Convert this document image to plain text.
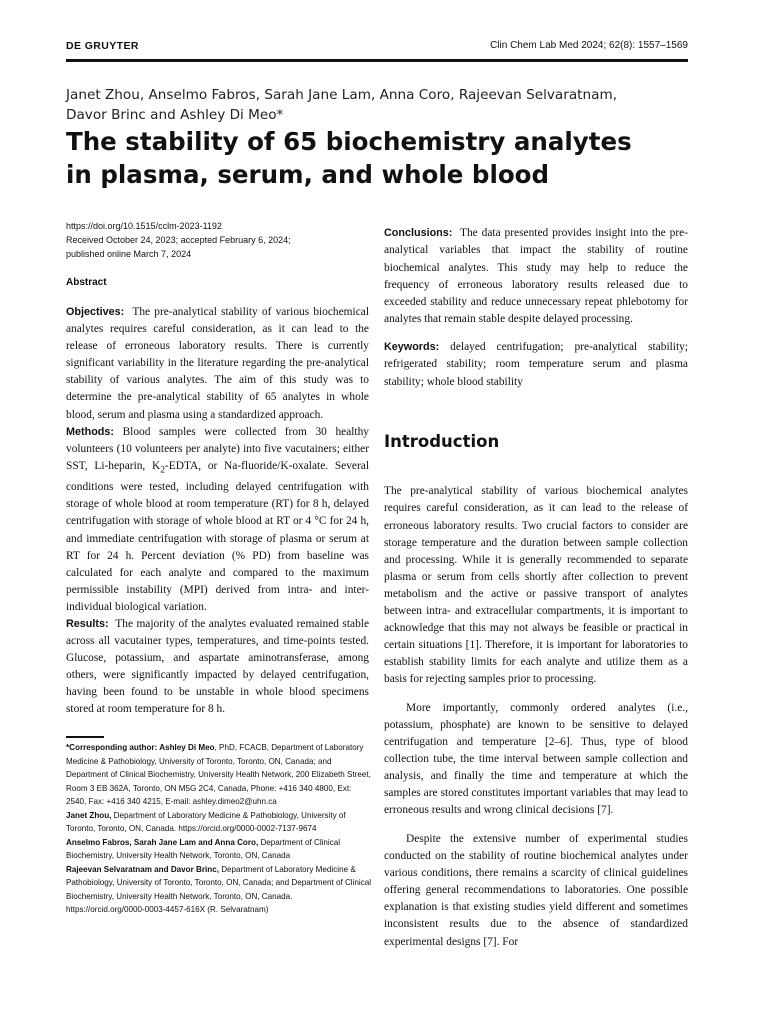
DE GRUYTER	Clin Chem Lab Med 2024; 62(8): 1557–1569
Janet Zhou, Anselmo Fabros, Sarah Jane Lam, Anna Coro, Rajeevan Selvaratnam, Davor Brinc and Ashley Di Meo*
The stability of 65 biochemistry analytes in plasma, serum, and whole blood
https://doi.org/10.1515/cclm-2023-1192
Received October 24, 2023; accepted February 6, 2024;
published online March 7, 2024
Abstract

Objectives: The pre-analytical stability of various biochemical analytes requires careful consideration, as it can lead to the release of erroneous laboratory results. There is currently significant variability in the literature regarding the pre-analytical stability of various analytes. The aim of this study was to determine the pre-analytical stability of 65 analytes in whole blood, serum and plasma using a standardized approach.

Methods: Blood samples were collected from 30 healthy volunteers (10 volunteers per analyte) into five vacutainers; either SST, Li-heparin, $K_2$-EDTA, or Na-fluoride/K-oxalate. Several conditions were tested, including delayed centrifugation with storage of whole blood at room temperature (RT) for 8 h, delayed centrifugation with storage of whole blood at RT or 4 °C for 24 h, and immediate centrifugation with storage of plasma or serum at RT for 24 h. Percent deviation (% PD) from baseline was calculated for each analyte and compared to the maximum permissible instability (MPI) derived from intra- and inter-individual biological variation.

Results: The majority of the analytes evaluated remained stable across all vacutainer types, temperatures, and time-points tested. Glucose, potassium, and aspartate aminotransferase, among others, were significantly impacted by delayed centrifugation, having been found to be unstable in whole blood specimens stored at room temperature for 8 h.

*Corresponding author: Ashley Di Meo, PhD, FCACB, Department of Laboratory Medicine & Pathobiology, University of Toronto, Toronto, ON, Canada; and Department of Clinical Biochemistry, University Health Network, 200 Elizabeth Street, Room 3 EB 362A, Toronto, ON M5G 2C4, Canada, Phone: +416 340 4800, Ext: 2540, Fax: +416 340 4215, E-mail: ashley.dimeo2@uhn.ca

Janet Zhou, Department of Laboratory Medicine & Pathobiology, University of Toronto, Toronto, ON, Canada. https://orcid.org/0000-0002-7137-9674

Anselmo Fabros, Sarah Jane Lam and Anna Coro, Department of Clinical Biochemistry, University Health Network, Toronto, ON, Canada

Rajeevan Selvaratnam and Davor Brinc, Department of Laboratory Medicine & Pathobiology, University of Toronto, Toronto, ON, Canada; and Department of Clinical Biochemistry, University Health Network, Toronto, ON, Canada. https://orcid.org/0000-0003-4457-616X (R. Selvaratnam)

Conclusions: The data presented provides insight into the pre-analytical variables that impact the stability of routine biochemical analytes. This study may help to reduce the frequency of erroneous laboratory results released due to exceeded stability and reduce unnecessary repeat phlebotomy for analytes that remain stable despite delayed processing.

Keywords: delayed centrifugation; pre-analytical stability; refrigerated stability; room temperature serum and plasma stability; whole blood stability

Introduction

The pre-analytical stability of various biochemical analytes requires careful consideration, as it can lead to the release of erroneous laboratory results. Two crucial factors to consider are storage temperature and the duration between sample collection and processing. While it is generally recommended to separate plasma or serum from cells shortly after collection to prevent metabolism and the active or passive transport of analytes between intra- and extracellular compartments, it is important to acknowledge that this may not always be feasible or practical in certain situations [1]. Therefore, it is important for laboratories to establish stability limits for each analyte and utilize them as a basis for rejecting samples prior to processing.

More importantly, commonly ordered analytes (i.e., potassium, phosphate) are known to be sensitive to delayed centrifugation and temperature [2–6]. Thus, type of blood collection tube, the time interval between sample collection and analysis, and finally the time and temperature at which the samples are stored constitutes important variables that may lead to erroneous results and wrong clinical decisions [7].

Despite the extensive number of experimental studies conducted on the stability of routine biochemical analytes under various conditions, there remains a scarcity of clinical guidelines offering general recommendations to laboratories. One possible explanation is that existing studies yield different and sometimes inconsistent results due to the absence of standardized experimental designs [7]. For
